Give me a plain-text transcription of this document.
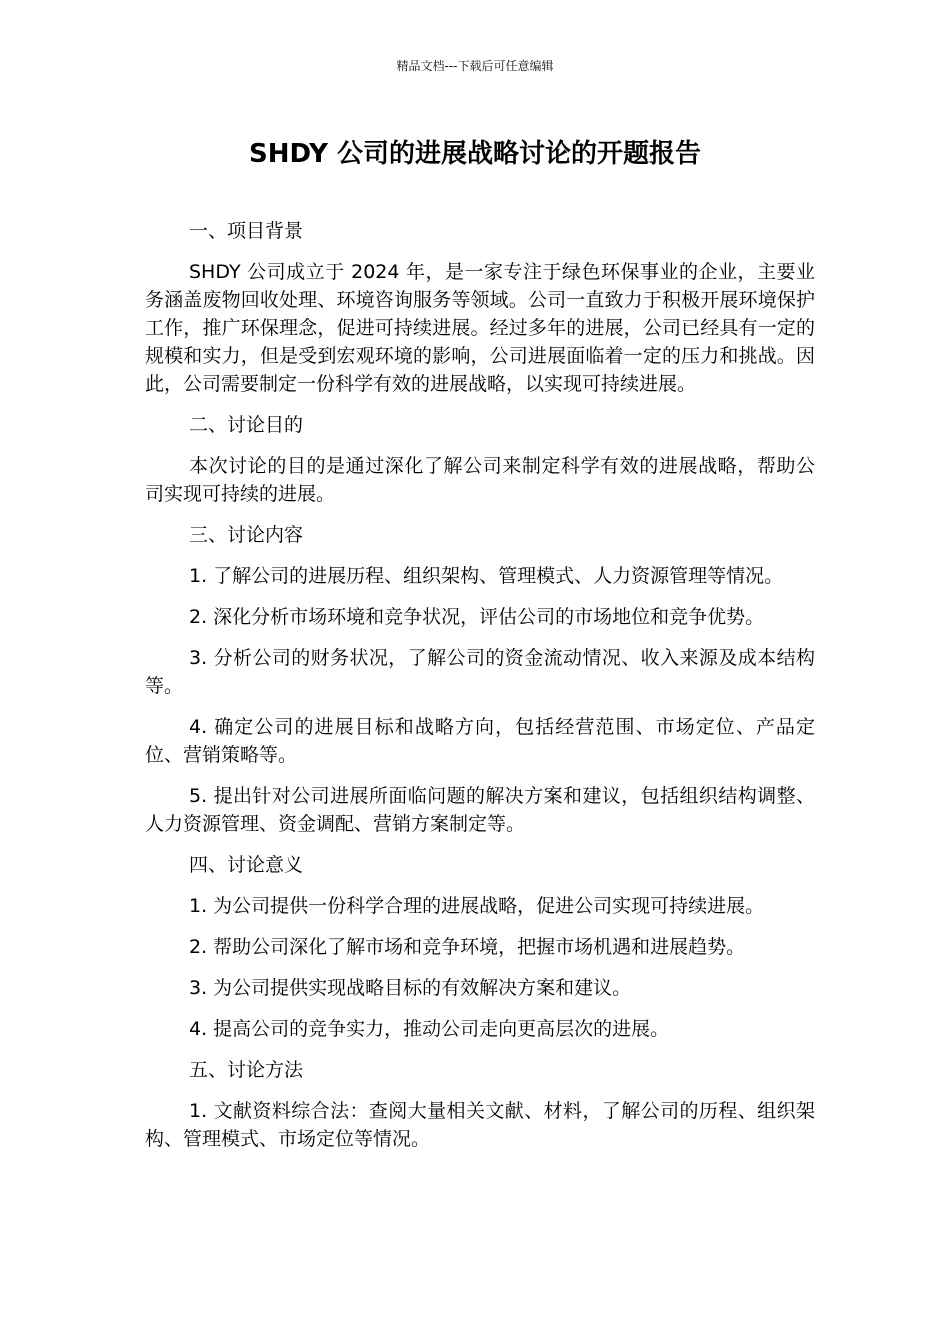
精品文档---下载后可任意编辑
SHDY 公司的进展战略讨论的开题报告

一、项目背景

SHDY 公司成立于 2024 年，是一家专注于绿色环保事业的企业，主要业务涵盖废物回收处理、环境咨询服务等领域。公司一直致力于积极开展环境保护工作，推广环保理念，促进可持续进展。经过多年的进展，公司已经具有一定的规模和实力，但是受到宏观环境的影响，公司进展面临着一定的压力和挑战。因此，公司需要制定一份科学有效的进展战略，以实现可持续进展。

二、讨论目的

本次讨论的目的是通过深化了解公司来制定科学有效的进展战略，帮助公司实现可持续的进展。

三、讨论内容

1. 了解公司的进展历程、组织架构、管理模式、人力资源管理等情况。

2. 深化分析市场环境和竞争状况，评估公司的市场地位和竞争优势。

3. 分析公司的财务状况，了解公司的资金流动情况、收入来源及成本结构等。

4. 确定公司的进展目标和战略方向，包括经营范围、市场定位、产品定位、营销策略等。

5. 提出针对公司进展所面临问题的解决方案和建议，包括组织结构调整、人力资源管理、资金调配、营销方案制定等。

四、讨论意义

1. 为公司提供一份科学合理的进展战略，促进公司实现可持续进展。

2. 帮助公司深化了解市场和竞争环境，把握市场机遇和进展趋势。

3. 为公司提供实现战略目标的有效解决方案和建议。

4. 提高公司的竞争实力，推动公司走向更高层次的进展。

五、讨论方法

1. 文献资料综合法：查阅大量相关文献、材料，了解公司的历程、组织架构、管理模式、市场定位等情况。
